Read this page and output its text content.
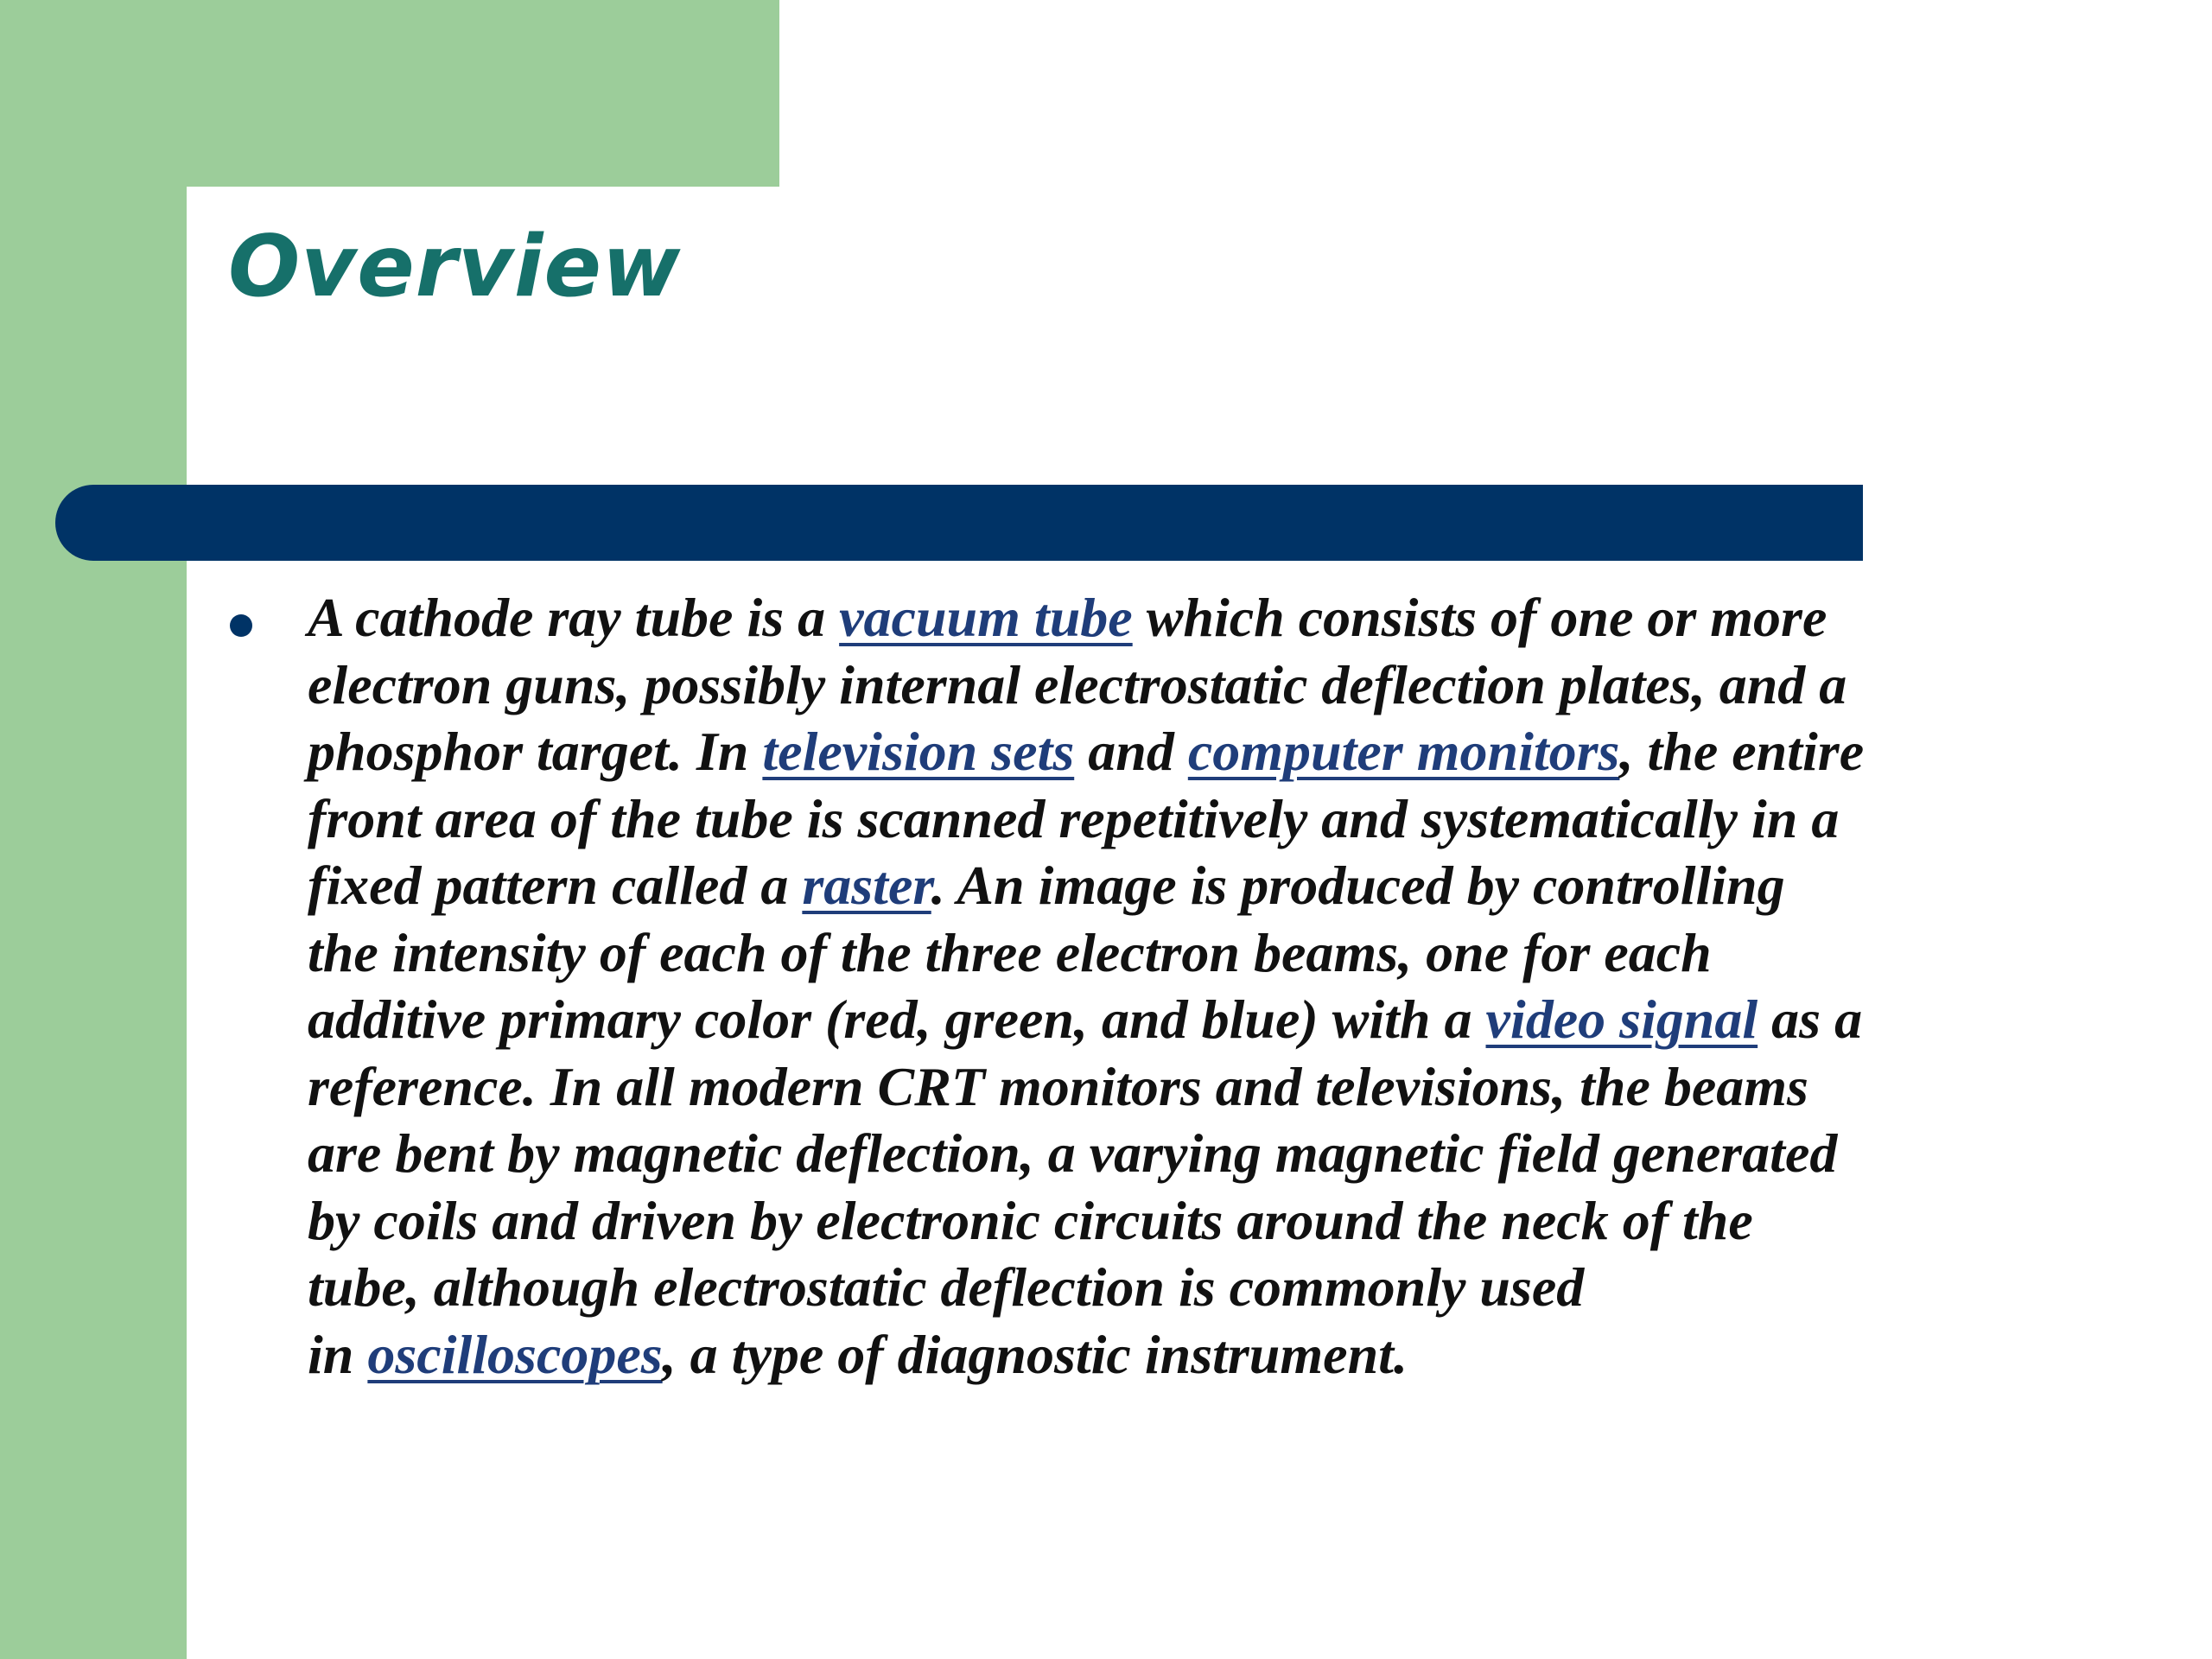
Overview
A cathode ray tube is a vacuum tube which consists of one or more
electron guns, possibly internal electrostatic deflection plates, and a
phosphor target. In television sets and computer monitors, the entire
front area of the tube is scanned repetitively and systematically in a
fixed pattern called a raster. An image is produced by controlling
the intensity of each of the three electron beams, one for each
additive primary color (red, green, and blue) with a video signal as a
reference. In all modern CRT monitors and televisions, the beams
are bent by magnetic deflection, a varying magnetic field generated
by coils and driven by electronic circuits around the neck of the
tube, although electrostatic deflection is commonly used
in oscilloscopes, a type of diagnostic instrument.
